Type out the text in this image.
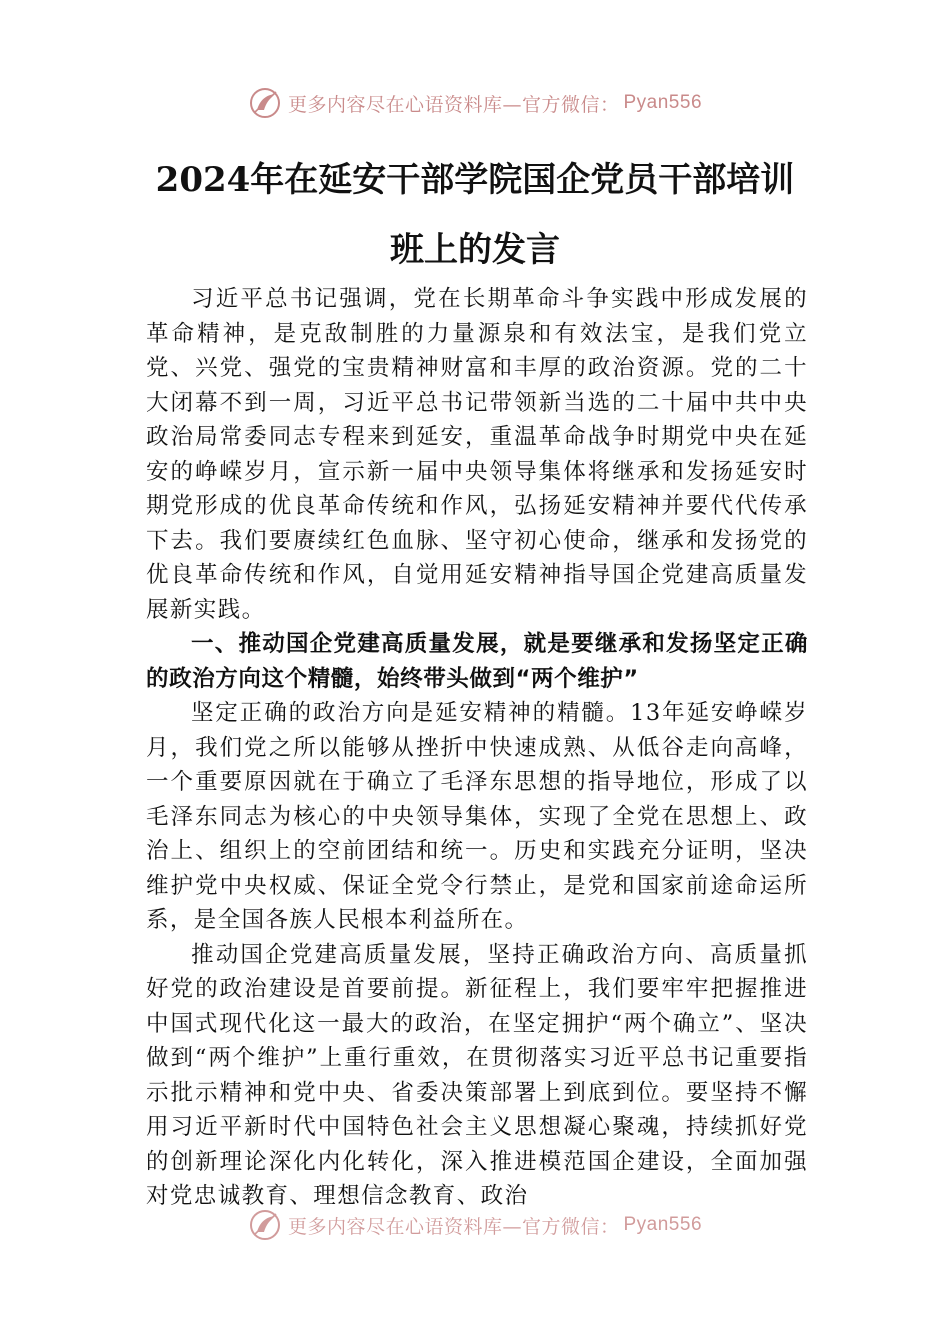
更多内容尽在心语资料库—官方微信： Pyan556
2024年在延安干部学院国企党员干部培训
班上的发言

习近平总书记强调，党在长期革命斗争实践中形成发展的革命精神，是克敌制胜的力量源泉和有效法宝，是我们党立党、兴党、强党的宝贵精神财富和丰厚的政治资源。党的二十大闭幕不到一周，习近平总书记带领新当选的二十届中共中央政治局常委同志专程来到延安，重温革命战争时期党中央在延安的峥嵘岁月，宣示新一届中央领导集体将继承和发扬延安时期党形成的优良革命传统和作风，弘扬延安精神并要代代传承下去。我们要赓续红色血脉、坚守初心使命，继承和发扬党的优良革命传统和作风，自觉用延安精神指导国企党建高质量发展新实践。

一、推动国企党建高质量发展，就是要继承和发扬坚定正确的政治方向这个精髓，始终带头做到“两个维护”

坚定正确的政治方向是延安精神的精髓。13年延安峥嵘岁月，我们党之所以能够从挫折中快速成熟、从低谷走向高峰，一个重要原因就在于确立了毛泽东思想的指导地位，形成了以毛泽东同志为核心的中央领导集体，实现了全党在思想上、政治上、组织上的空前团结和统一。历史和实践充分证明，坚决维护党中央权威、保证全党令行禁止，是党和国家前途命运所系，是全国各族人民根本利益所在。

推动国企党建高质量发展，坚持正确政治方向、高质量抓好党的政治建设是首要前提。新征程上，我们要牢牢把握推进中国式现代化这一最大的政治，在坚定拥护“两个确立”、坚决做到“两个维护”上重行重效，在贯彻落实习近平总书记重要指示批示精神和党中央、省委决策部署上到底到位。要坚持不懈用习近平新时代中国特色社会主义思想凝心聚魂，持续抓好党的创新理论深化内化转化，深入推进模范国企建设，全面加强对党忠诚教育、理想信念教育、政治

更多内容尽在心语资料库—官方微信： Pyan556
